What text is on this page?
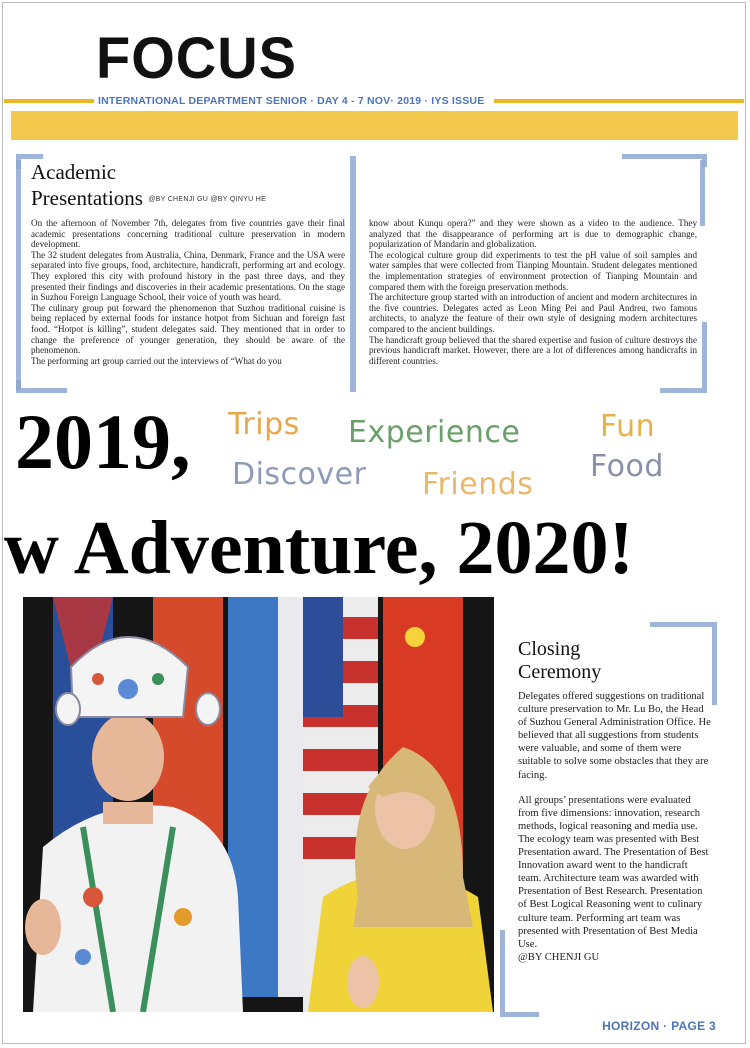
FOCUS
INTERNATIONAL DEPARTMENT SENIOR · DAY 4 - 7 NOV· 2019 · IYS ISSUE
Academic
Presentations @BY CHENJI GU @BY QINYU HE

On the afternoon of November 7th, delegates from five countries gave their final academic presentations concerning traditional culture preservation in modern development.

The 32 student delegates from Australia, China, Denmark, France and the USA were separated into five groups, food, architecture, handicraft, performing art and ecology. They explored this city with profound history in the past three days, and they presented their findings and discoveries in their academic presentations. On the stage in Suzhou Foreign Language School, their voice of youth was heard.

The culinary group put forward the phenomenon that Suzhou traditional cuisine is being replaced by external foods for instance hotpot from Sichuan and foreign fast food. “Hotpot is killing”, student delegates said. They mentioned that in order to change the preference of younger generation, they should be aware of the phenomenon.

The performing art group carried out the interviews of “What do you

know about Kunqu opera?” and they were shown as a video to the audience. They analyzed that the disappearance of performing art is due to demographic change, popularization of Mandarin and globalization.

The ecological culture group did experiments to test the pH value of soil samples and water samples that were collected from Tianping Mountain. Student delegates mentioned the implementation strategies of environment protection of Tianping Mountain and compared them with the foreign preservation methods.

The architecture group started with an introduction of ancient and modern architectures in the five countries. Delegates acted as Leon Ming Pei and Paul Andreu, two famous architects, to analyze the feature of their own style of designing modern architectures compared to the ancient buildings.

The handicraft group believed that the shared expertise and fusion of culture destroys the previous handicraft market. However, there are a lot of differences among handicrafts in different countries.

2019, Trips Experience	Fun
Discover Friends
Food
w Adventure, 2020!
Closing
Ceremony

Delegates offered suggestions on traditional culture preservation to Mr. Lu Bo, the Head of Suzhou General Administration Office. He believed that all suggestions from students were valuable, and some of them were suitable to solve some obstacles that they are facing.

All groups’ presentations were evaluated from five dimensions: innovation, research methods, logical reasoning and media use. The ecology team was presented with Best Presentation award. The Presentation of Best Innovation award went to the handicraft team. Architecture team was awarded with Presentation of Best Research. Presentation of Best Logical Reasoning went to culinary culture team. Performing art team was presented with Presentation of Best Media Use.

@BY CHENJI GU
HORIZON · PAGE 3
